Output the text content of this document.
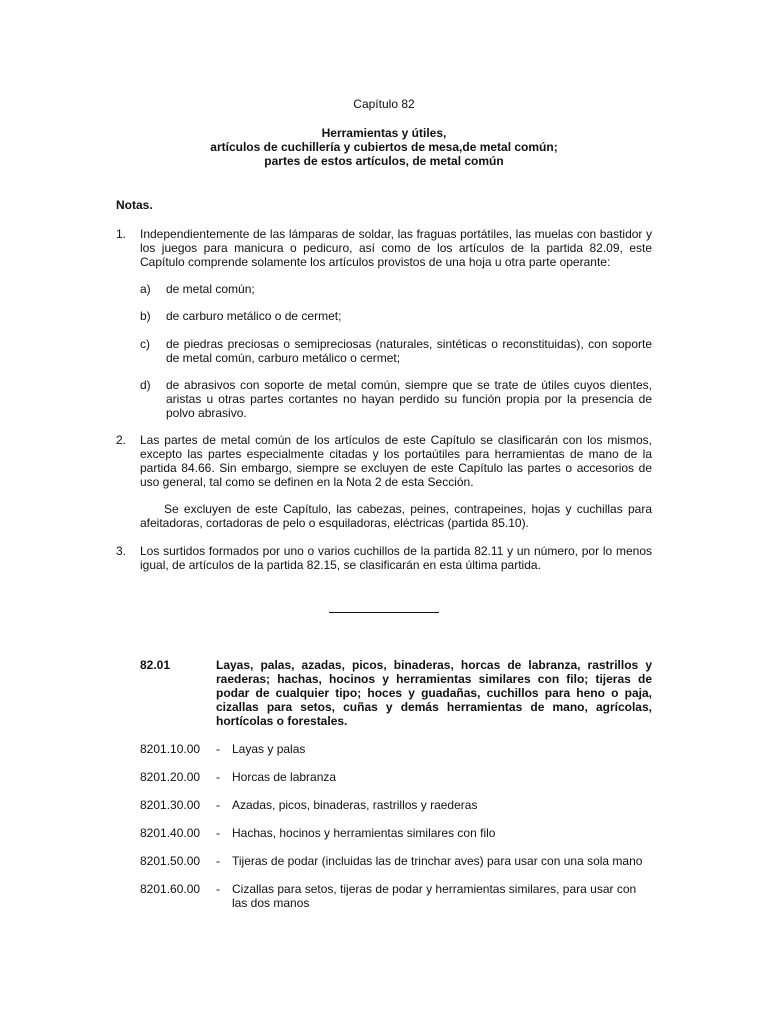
Capítulo 82
Herramientas y útiles,
artículos de cuchillería y cubiertos de mesa,de metal común;
partes de estos artículos, de metal común
Notas.
1. Independientemente de las lámparas de soldar, las fraguas portátiles, las muelas con bastidor y los juegos para manicura o pedicuro, así como de los artículos de la partida 82.09, este Capítulo comprende solamente los artículos provistos de una hoja u otra parte operante:
a) de metal común;
b) de carburo metálico o de cermet;
c) de piedras preciosas o semipreciosas (naturales, sintéticas o reconstituidas), con soporte de metal común, carburo metálico o cermet;
d) de abrasivos con soporte de metal común, siempre que se trate de útiles cuyos dientes, aristas u otras partes cortantes no hayan perdido su función propia por la presencia de polvo abrasivo.
2. Las partes de metal común de los artículos de este Capítulo se clasificarán con los mismos, excepto las partes especialmente citadas y los portaútiles para herramientas de mano de la partida 84.66. Sin embargo, siempre se excluyen de este Capítulo las partes o accesorios de uso general, tal como se definen en la Nota 2 de esta Sección.
Se excluyen de este Capítulo, las cabezas, peines, contrapeines, hojas y cuchillas para afeitadoras, cortadoras de pelo o esquiladoras, eléctricas (partida 85.10).
3. Los surtidos formados por uno o varios cuchillos de la partida 82.11 y un número, por lo menos igual, de artículos de la partida 82.15, se clasificarán en esta última partida.
82.01	Layas, palas, azadas, picos, binaderas, horcas de labranza, rastrillos y raederas; hachas, hocinos y herramientas similares con filo; tijeras de podar de cualquier tipo; hoces y guadañas, cuchillos para heno o paja, cizallas para setos, cuñas y demás herramientas de mano, agrícolas, hortícolas o forestales.
8201.10.00 - Layas y palas
8201.20.00 - Horcas de labranza
8201.30.00 - Azadas, picos, binaderas, rastrillos y raederas
8201.40.00 - Hachas, hocinos y herramientas similares con filo
8201.50.00 - Tijeras de podar (incluidas las de trinchar aves) para usar con una sola mano
8201.60.00 - Cizallas para setos, tijeras de podar y herramientas similares, para usar con las dos manos
